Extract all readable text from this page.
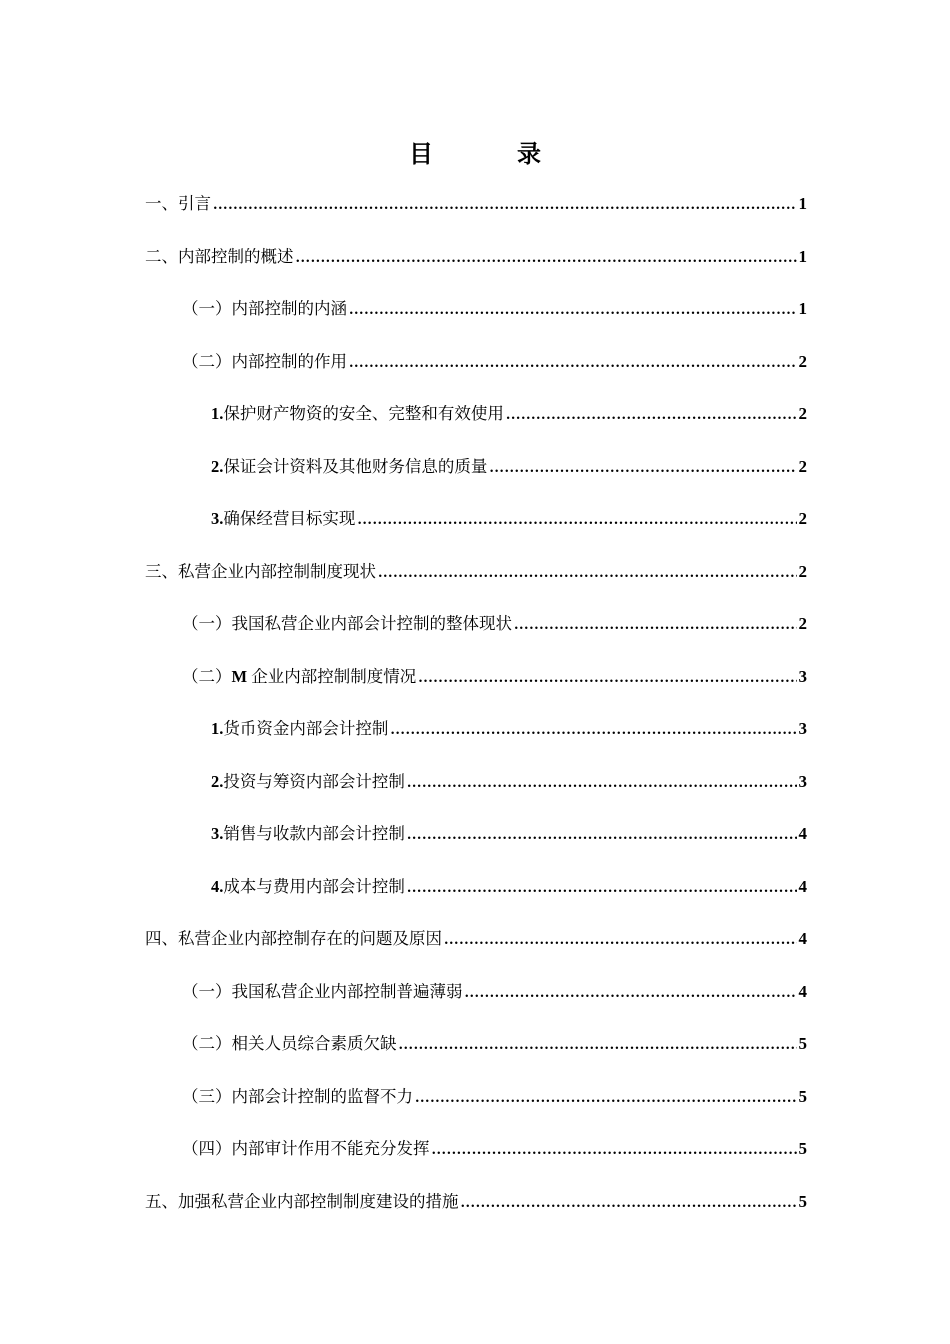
目　录
一、引言 .....	1
二、内部控制的概述 .....	1
（一）内部控制的内涵 .....	1
（二）内部控制的作用 .....	2
1.保护财产物资的安全、完整和有效使用 .....	2
2.保证会计资料及其他财务信息的质量 .....	2
3.确保经营目标实现 .....	2
三、私营企业内部控制制度现状 .....	2
（一）我国私营企业内部会计控制的整体现状 .....	2
（二）M 企业内部控制制度情况 .....	3
1.货币资金内部会计控制 .....	3
2.投资与筹资内部会计控制 .....	3
3.销售与收款内部会计控制 .....	4
4.成本与费用内部会计控制 .....	4
四、私营企业内部控制存在的问题及原因 .....	4
（一）我国私营企业内部控制普遍薄弱 .....	4
（二）相关人员综合素质欠缺 .....	5
（三）内部会计控制的监督不力 .....	5
（四）内部审计作用不能充分发挥 .....	5
五、加强私营企业内部控制制度建设的措施 .....	5
